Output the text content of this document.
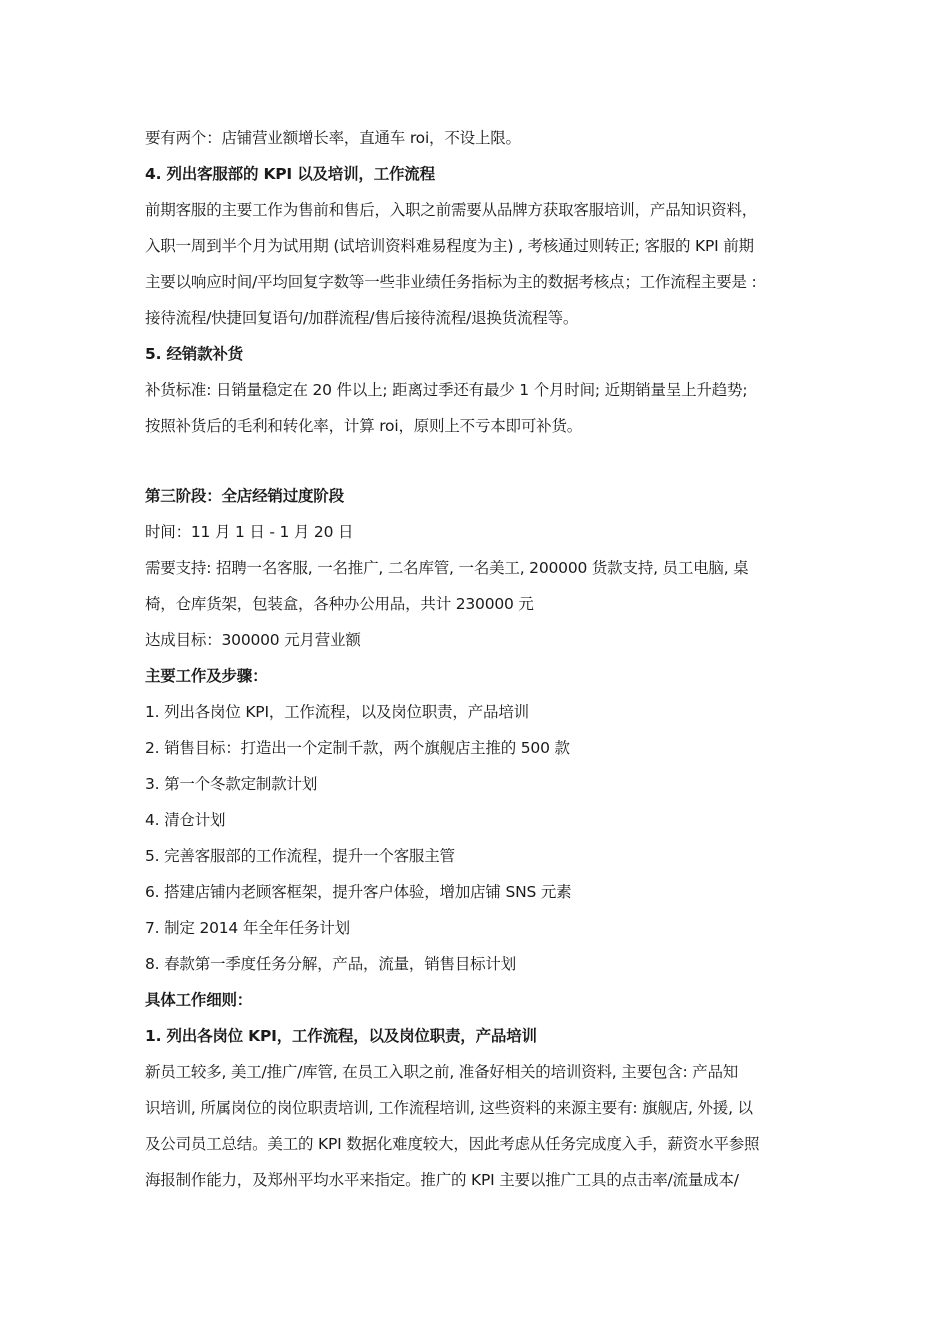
要有两个：店铺营业额增长率，直通车 roi，不设上限。
4. 列出客服部的 KPI 以及培训，工作流程
前期客服的主要工作为售前和售后，入职之前需要从品牌方获取客服培训，产品知识资料，
入职一周到半个月为试用期 (试培训资料难易程度为主) , 考核通过则转正; 客服的 KPI 前期
主要以响应时间/平均回复字数等一些非业绩任务指标为主的数据考核点；工作流程主要是 :
接待流程/快捷回复语句/加群流程/售后接待流程/退换货流程等。
5. 经销款补货
补货标准: 日销量稳定在 20 件以上; 距离过季还有最少 1 个月时间; 近期销量呈上升趋势;
按照补货后的毛利和转化率，计算 roi，原则上不亏本即可补货。
第三阶段：全店经销过度阶段
时间：11 月 1 日 - 1 月 20 日
需要支持: 招聘一名客服, 一名推广, 二名库管, 一名美工, 200000 货款支持, 员工电脑, 桌
椅，仓库货架，包装盒，各种办公用品，共计 230000 元
达成目标：300000 元月营业额
主要工作及步骤：
1. 列出各岗位 KPI，工作流程，以及岗位职责，产品培训
2. 销售目标：打造出一个定制千款，两个旗舰店主推的 500 款
3. 第一个冬款定制款计划
4. 清仓计划
5. 完善客服部的工作流程，提升一个客服主管
6. 搭建店铺内老顾客框架，提升客户体验，增加店铺 SNS 元素
7. 制定 2014 年全年任务计划
8. 春款第一季度任务分解，产品，流量，销售目标计划
具体工作细则：
1. 列出各岗位 KPI，工作流程，以及岗位职责，产品培训
新员工较多, 美工/推广/库管, 在员工入职之前, 准备好相关的培训资料, 主要包含: 产品知
识培训, 所属岗位的岗位职责培训, 工作流程培训, 这些资料的来源主要有: 旗舰店, 外援, 以
及公司员工总结。美工的 KPI 数据化难度较大，因此考虑从任务完成度入手，薪资水平参照
海报制作能力，及郑州平均水平来指定。推广的 KPI 主要以推广工具的点击率/流量成本/
